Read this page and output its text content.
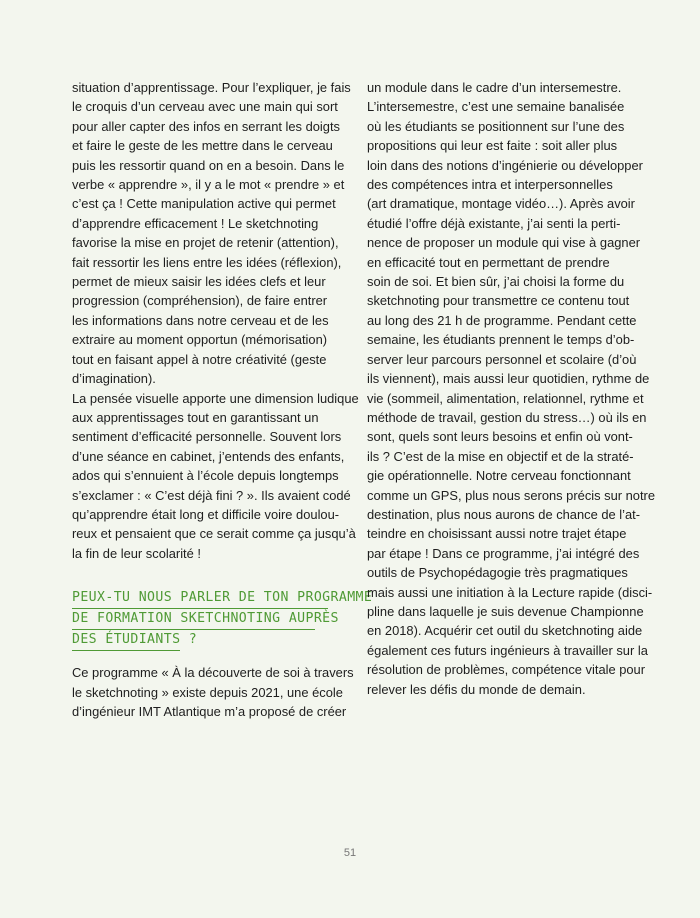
situation d’apprentissage. Pour l’expliquer, je fais
le croquis d’un cerveau avec une main qui sort
pour aller capter des infos en serrant les doigts
et faire le geste de les mettre dans le cerveau
puis les ressortir quand on en a besoin. Dans le
verbe « apprendre », il y a le mot « prendre » et
c’est ça ! Cette manipulation active qui permet
d’apprendre efficacement ! Le sketchnoting
favorise la mise en projet de retenir (attention),
fait ressortir les liens entre les idées (réflexion),
permet de mieux saisir les idées clefs et leur
progression (compréhension), de faire entrer
les informations dans notre cerveau et de les
extraire au moment opportun (mémorisation)
tout en faisant appel à notre créativité (geste
d’imagination).

La pensée visuelle apporte une dimension ludique
aux apprentissages tout en garantissant un
sentiment d’efficacité personnelle. Souvent lors
d’une séance en cabinet, j’entends des enfants,
ados qui s’ennuient à l’école depuis longtemps
s’exclamer : « C’est déjà fini ? ». Ils avaient codé
qu’apprendre était long et difficile voire doulou-
reux et pensaient que ce serait comme ça jusqu’à
la fin de leur scolarité !

PEUX-TU NOUS PARLER DE TON PROGRAMME
DE FORMATION SKETCHNOTING AUPRÈS
DES ÉTUDIANTS ?

Ce programme « À la découverte de soi à travers
le sketchnoting » existe depuis 2021, une école
d’ingénieur IMT Atlantique m’a proposé de créer

un module dans le cadre d’un intersemestre.
L’intersemestre, c’est une semaine banalisée
où les étudiants se positionnent sur l’une des
propositions qui leur est faite : soit aller plus
loin dans des notions d’ingénierie ou développer
des compétences intra et interpersonnelles
(art dramatique, montage vidéo…). Après avoir
étudié l’offre déjà existante, j’ai senti la perti-
nence de proposer un module qui vise à gagner
en efficacité tout en permettant de prendre
soin de soi. Et bien sûr, j’ai choisi la forme du
sketchnoting pour transmettre ce contenu tout
au long des 21 h de programme. Pendant cette
semaine, les étudiants prennent le temps d’ob-
server leur parcours personnel et scolaire (d’où
ils viennent), mais aussi leur quotidien, rythme de
vie (sommeil, alimentation, relationnel, rythme et
méthode de travail, gestion du stress…) où ils en
sont, quels sont leurs besoins et enfin où vont-
ils ? C’est de la mise en objectif et de la straté-
gie opérationnelle. Notre cerveau fonctionnant
comme un GPS, plus nous serons précis sur notre
destination, plus nous aurons de chance de l’at-
teindre en choisissant aussi notre trajet étape
par étape ! Dans ce programme, j’ai intégré des
outils de Psychopédagogie très pragmatiques
mais aussi une initiation à la Lecture rapide (disci-
pline dans laquelle je suis devenue Championne
en 2018). Acquérir cet outil du sketchnoting aide
également ces futurs ingénieurs à travailler sur la
résolution de problèmes, compétence vitale pour
relever les défis du monde de demain.

51
